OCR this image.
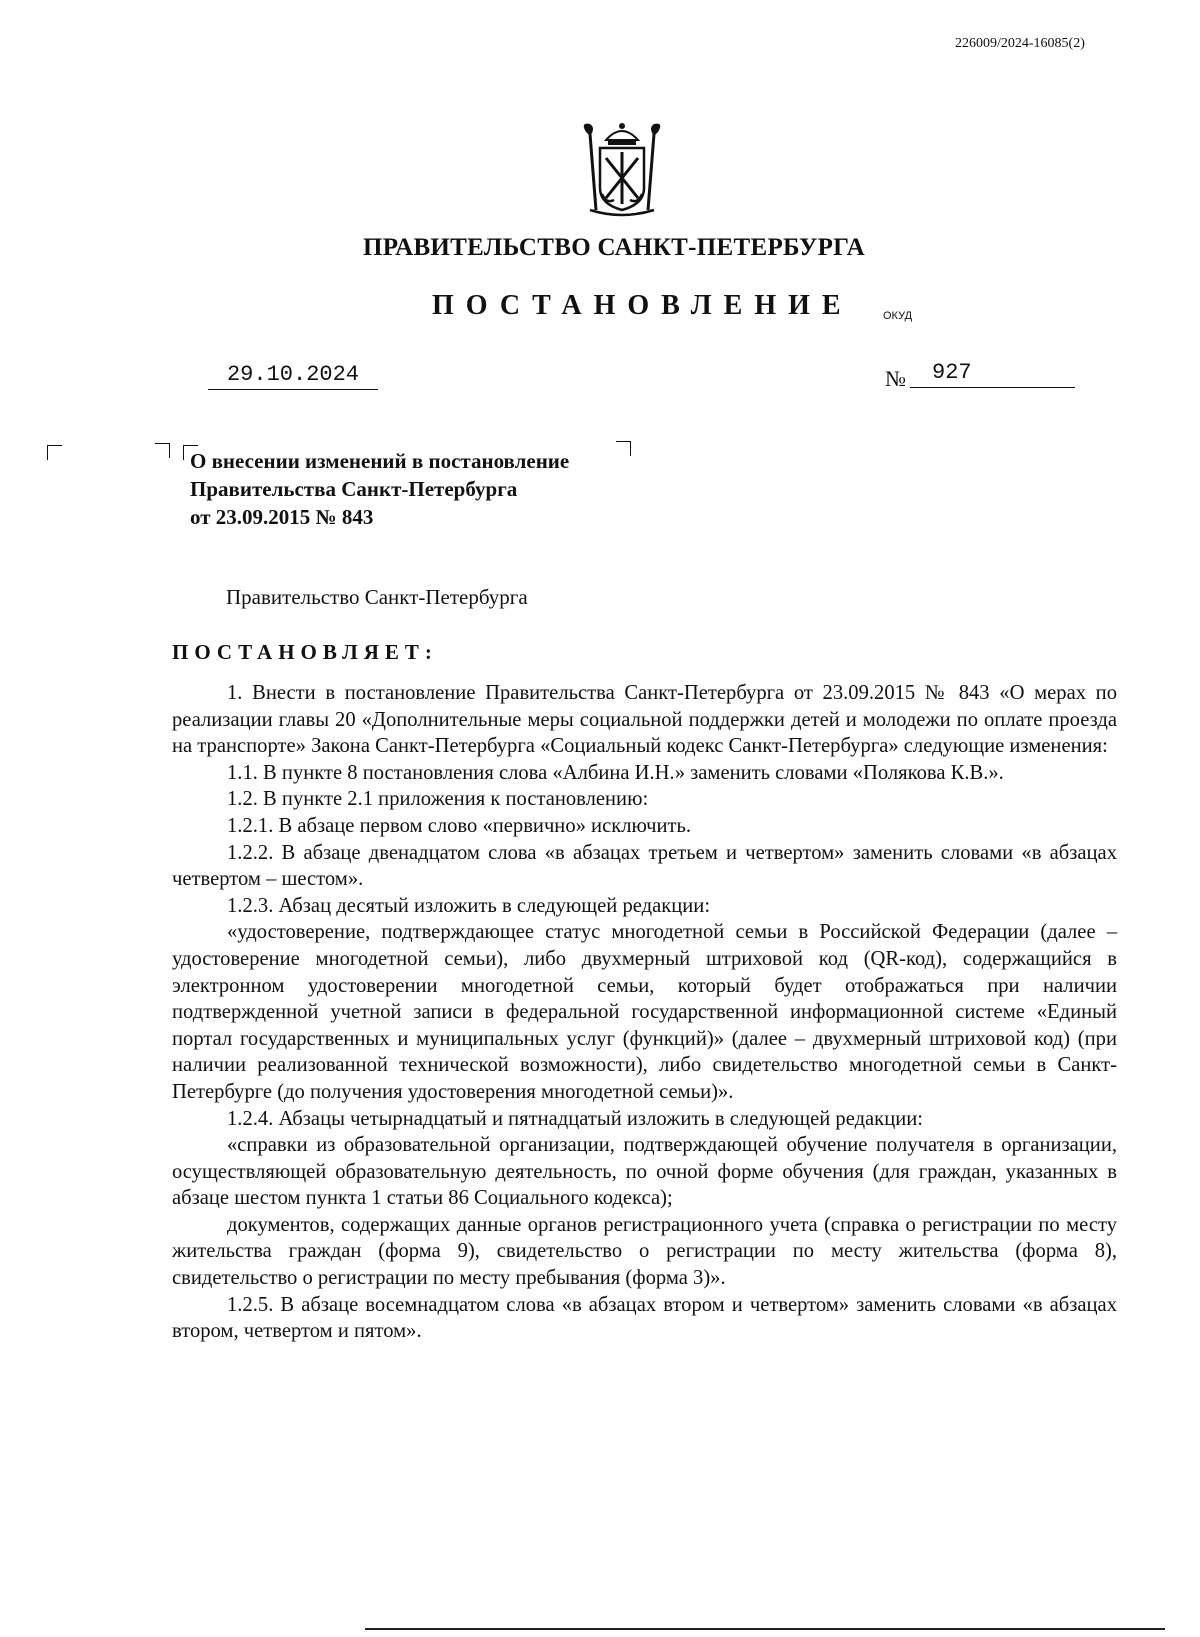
226009/2024-16085(2)
ПРАВИТЕЛЬСТВО САНКТ-ПЕТЕРБУРГА
ПОСТАНОВЛЕНИЕ	ОКУД
29.10.2024	№	927
О внесении изменений в постановление
Правительства Санкт-Петербурга
от 23.09.2015 № 843
Правительство Санкт-Петербурга
ПОСТАНОВЛЯЕТ:

1. Внести в постановление Правительства Санкт-Петербурга от 23.09.2015 № 843 «О мерах по реализации главы 20 «Дополнительные меры социальной поддержки детей и молодежи по оплате проезда на транспорте» Закона Санкт-Петербурга «Социальный кодекс Санкт-Петербурга» следующие изменения:

1.1. В пункте 8 постановления слова «Албина И.Н.» заменить словами «Полякова К.В.».

1.2. В пункте 2.1 приложения к постановлению:

1.2.1. В абзаце первом слово «первично» исключить.

1.2.2. В абзаце двенадцатом слова «в абзацах третьем и четвертом» заменить словами «в абзацах четвертом – шестом».

1.2.3. Абзац десятый изложить в следующей редакции:

«удостоверение, подтверждающее статус многодетной семьи в Российской Федерации (далее – удостоверение многодетной семьи), либо двухмерный штриховой код (QR-код), содержащийся в электронном удостоверении многодетной семьи, который будет отображаться при наличии подтвержденной учетной записи в федеральной государственной информационной системе «Единый портал государственных и муниципальных услуг (функций)» (далее – двухмерный штриховой код) (при наличии реализованной технической возможности), либо свидетельство многодетной семьи в Санкт-Петербурге (до получения удостоверения многодетной семьи)».

1.2.4. Абзацы четырнадцатый и пятнадцатый изложить в следующей редакции:

«справки из образовательной организации, подтверждающей обучение получателя в организации, осуществляющей образовательную деятельность, по очной форме обучения (для граждан, указанных в абзаце шестом пункта 1 статьи 86 Социального кодекса);

документов, содержащих данные органов регистрационного учета (справка о регистрации по месту жительства граждан (форма 9), свидетельство о регистрации по месту жительства (форма 8), свидетельство о регистрации по месту пребывания (форма 3)».

1.2.5. В абзаце восемнадцатом слова «в абзацах втором и четвертом» заменить словами «в абзацах втором, четвертом и пятом».
